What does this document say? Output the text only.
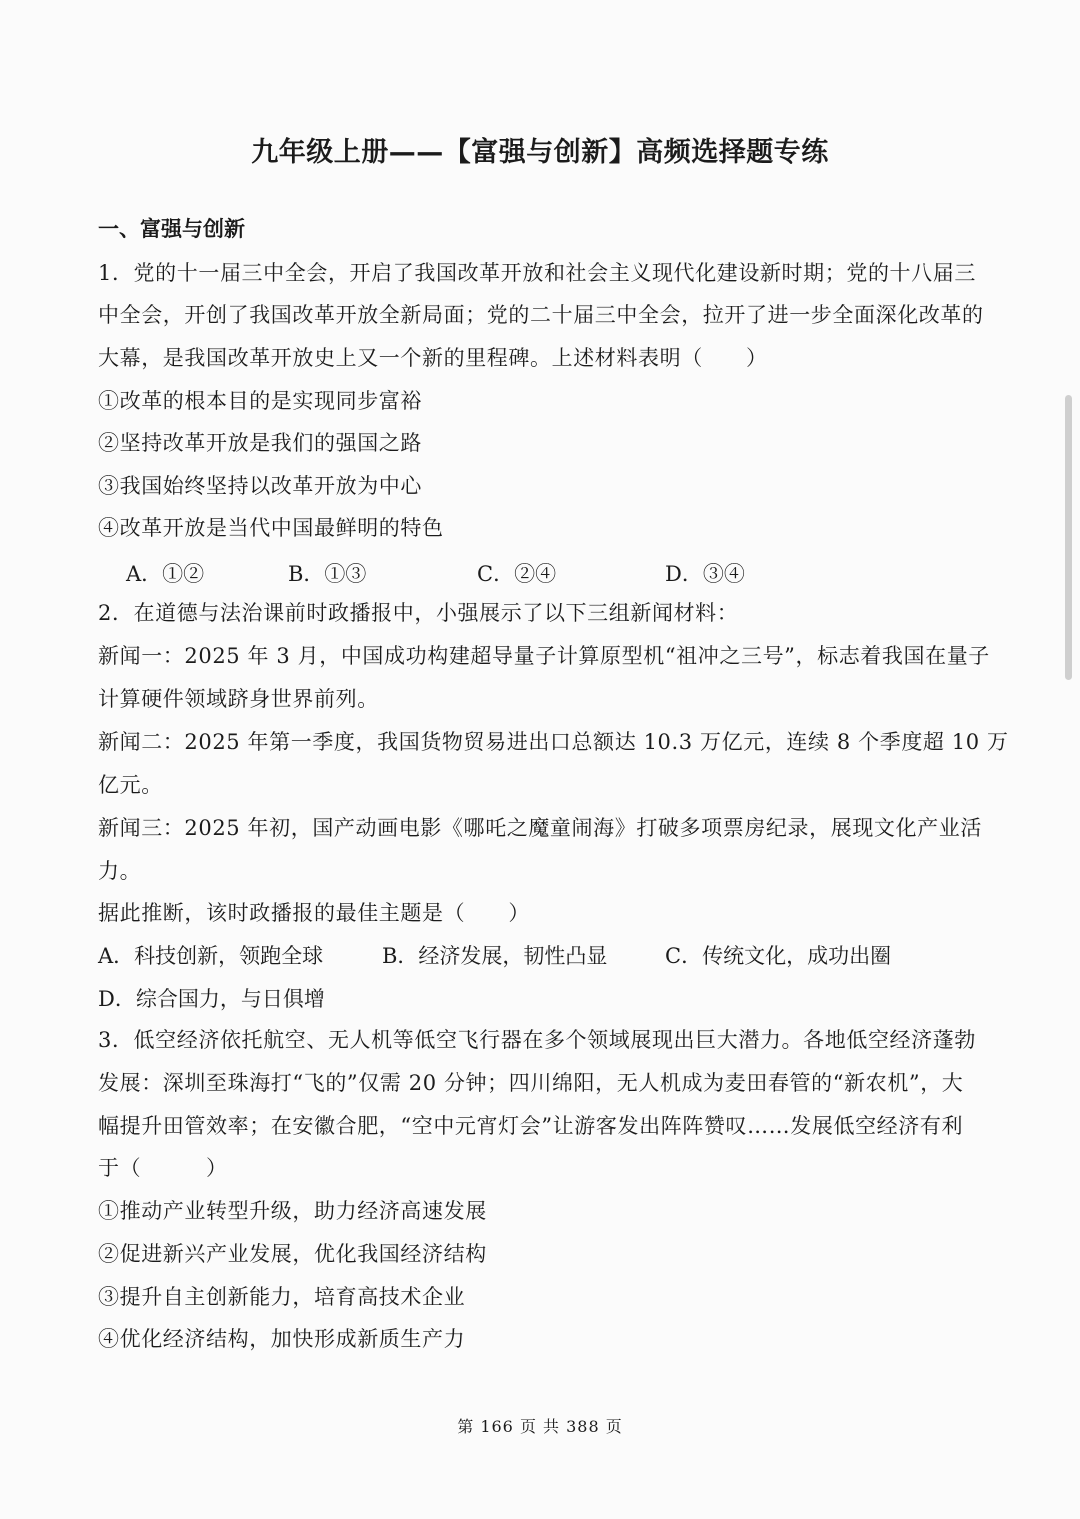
九年级上册——【富强与创新】高频选择题专练
一、富强与创新
1．党的十一届三中全会，开启了我国改革开放和社会主义现代化建设新时期；党的十八届三
中全会，开创了我国改革开放全新局面；党的二十届三中全会，拉开了进一步全面深化改革的
大幕，是我国改革开放史上又一个新的里程碑。上述材料表明（　　）
①改革的根本目的是实现同步富裕
②坚持改革开放是我们的强国之路
③我国始终坚持以改革开放为中心
④改革开放是当代中国最鲜明的特色
A．①②	B．①③	C．②④	D．③④
2．在道德与法治课前时政播报中，小强展示了以下三组新闻材料：
新闻一：2025 年 3 月，中国成功构建超导量子计算原型机“祖冲之三号”，标志着我国在量子
计算硬件领域跻身世界前列。
新闻二：2025 年第一季度，我国货物贸易进出口总额达 10.3 万亿元，连续 8 个季度超 10 万
亿元。
新闻三：2025 年初，国产动画电影《哪吒之魔童闹海》打破多项票房纪录，展现文化产业活
力。
据此推断，该时政播报的最佳主题是（　　）
A．科技创新，领跑全球	B．经济发展，韧性凸显	C．传统文化，成功出圈
D．综合国力，与日俱增
3．低空经济依托航空、无人机等低空飞行器在多个领域展现出巨大潜力。各地低空经济蓬勃
发展：深圳至珠海打“飞的”仅需 20 分钟；四川绵阳，无人机成为麦田春管的“新农机”，大
幅提升田管效率；在安徽合肥，“空中元宵灯会”让游客发出阵阵赞叹……发展低空经济有利
于（　　　）
①推动产业转型升级，助力经济高速发展
②促进新兴产业发展，优化我国经济结构
③提升自主创新能力，培育高技术企业
④优化经济结构，加快形成新质生产力
第 166 页 共 388 页
